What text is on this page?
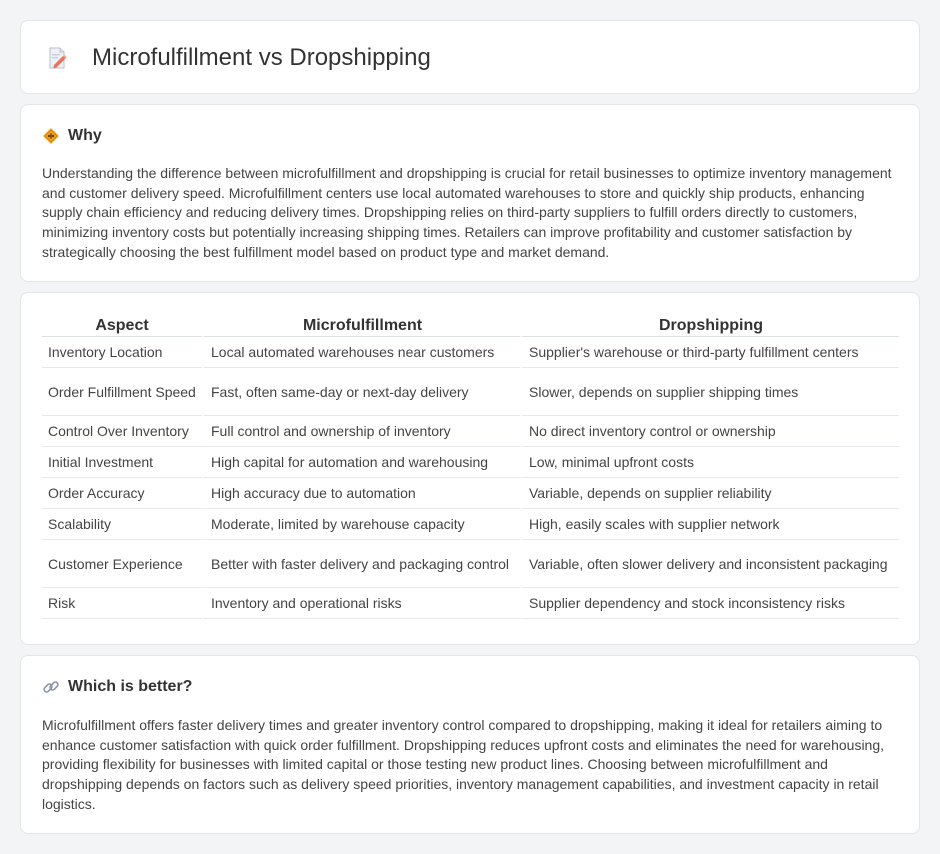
Microfulfillment vs Dropshipping
Why

Understanding the difference between microfulfillment and dropshipping is crucial for retail businesses to optimize inventory management and customer delivery speed. Microfulfillment centers use local automated warehouses to store and quickly ship products, enhancing supply chain efficiency and reducing delivery times. Dropshipping relies on third-party suppliers to fulfill orders directly to customers, minimizing inventory costs but potentially increasing shipping times. Retailers can improve profitability and customer satisfaction by strategically choosing the best fulfillment model based on product type and market demand.

Aspect	Microfulfillment	Dropshipping
Inventory Location	Local automated warehouses near customers	Supplier's warehouse or third-party fulfillment centers
Order Fulfillment Speed	Fast, often same-day or next-day delivery	Slower, depends on supplier shipping times
Control Over Inventory	Full control and ownership of inventory	No direct inventory control or ownership
Initial Investment	High capital for automation and warehousing	Low, minimal upfront costs
Order Accuracy	High accuracy due to automation	Variable, depends on supplier reliability
Scalability	Moderate, limited by warehouse capacity	High, easily scales with supplier network
Customer Experience	Better with faster delivery and packaging control	Variable, often slower delivery and inconsistent packaging
Risk	Inventory and operational risks	Supplier dependency and stock inconsistency risks
Which is better?

Microfulfillment offers faster delivery times and greater inventory control compared to dropshipping, making it ideal for retailers aiming to enhance customer satisfaction with quick order fulfillment. Dropshipping reduces upfront costs and eliminates the need for warehousing, providing flexibility for businesses with limited capital or those testing new product lines. Choosing between microfulfillment and dropshipping depends on factors such as delivery speed priorities, inventory management capabilities, and investment capacity in retail logistics.
